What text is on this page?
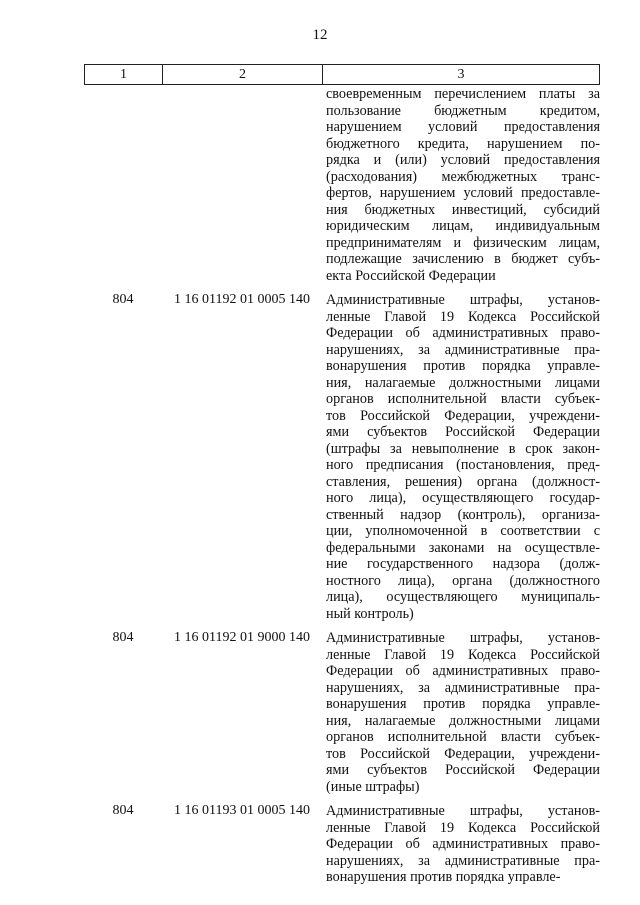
12
1	2	3
своевременным перечислением платы за
пользование бюджетным кредитом,
нарушением условий предоставления
бюджетного кредита, нарушением по-
рядка и (или) условий предоставления
(расходования) межбюджетных транс-
фертов, нарушением условий предоставле-
ния бюджетных инвестиций, субсидий
юридическим лицам, индивидуальным
предпринимателям и физическим лицам,
подлежащие зачислению в бюджет субъ-
екта Российской Федерации
804	1 16 01192 01 0005 140	Административные штрафы, установ-
ленные Главой 19 Кодекса Российской
Федерации об административных право-
нарушениях, за административные пра-
вонарушения против порядка управле-
ния, налагаемые должностными лицами
органов исполнительной власти субъек-
тов Российской Федерации, учреждени-
ями субъектов Российской Федерации
(штрафы за невыполнение в срок закон-
ного предписания (постановления, пред-
ставления, решения) органа (должност-
ного лица), осуществляющего государ-
ственный надзор (контроль), организа-
ции, уполномоченной в соответствии с
федеральными законами на осуществле-
ние государственного надзора (долж-
ностного лица), органа (должностного
лица), осуществляющего муниципаль-
ный контроль)
804	1 16 01192 01 9000 140	Административные штрафы, установ-
ленные Главой 19 Кодекса Российской
Федерации об административных право-
нарушениях, за административные пра-
вонарушения против порядка управле-
ния, налагаемые должностными лицами
органов исполнительной власти субъек-
тов Российской Федерации, учреждени-
ями субъектов Российской Федерации
(иные штрафы)
804	1 16 01193 01 0005 140	Административные штрафы, установ-
ленные Главой 19 Кодекса Российской
Федерации об административных право-
нарушениях, за административные пра-
вонарушения против порядка управле-
